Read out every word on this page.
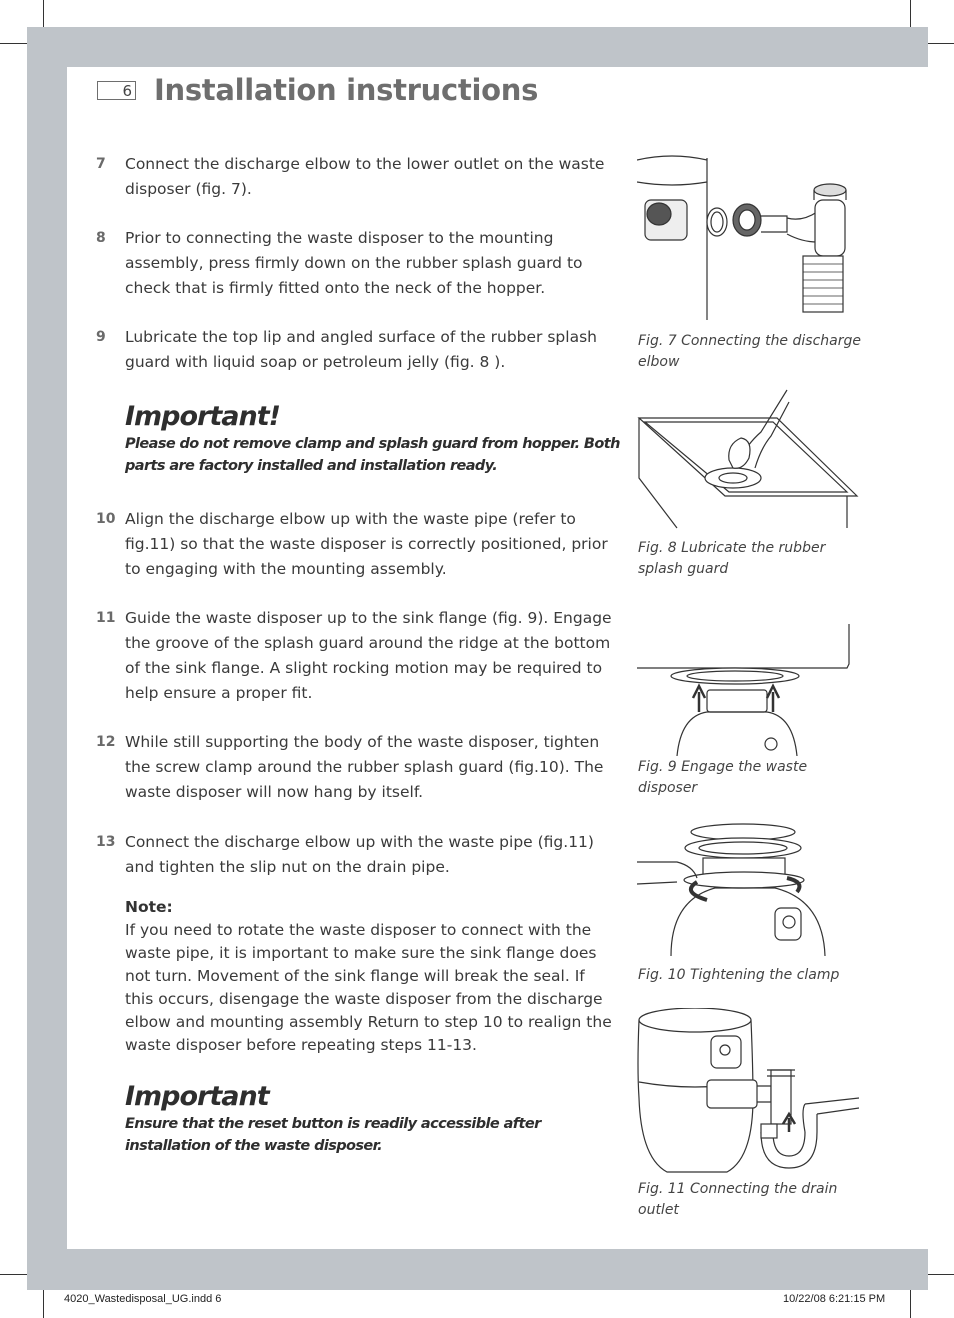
6 Installation instructions
7 Connect the discharge elbow to the lower outlet on the waste disposer (fig. 7).
8 Prior to connecting the waste disposer to the mounting assembly, press firmly down on the rubber splash guard to check that is firmly fitted onto the neck of the hopper.
9 Lubricate the top lip and angled surface of the rubber splash guard with liquid soap or petroleum jelly (fig. 8 ).
Important!
Please do not remove clamp and splash guard from hopper. Both parts are factory installed and installation ready.
10 Align the discharge elbow up with the waste pipe (refer to fig.11) so that the waste disposer is correctly positioned, prior to engaging with the mounting assembly.
11 Guide the waste disposer up to the sink flange (fig. 9). Engage the groove of the splash guard around the ridge at the bottom of the sink flange. A slight rocking motion may be required to help ensure a proper fit.
12 While still supporting the body of the waste disposer, tighten the screw clamp around the rubber splash guard (fig.10). The waste disposer will now hang by itself.
13 Connect the discharge elbow up with the waste pipe (fig.11) and tighten the slip nut on the drain pipe.
Note:
If you need to rotate the waste disposer to connect with the waste pipe, it is important to make sure the sink flange does not turn. Movement of the sink flange will break the seal. If this occurs, disengage the waste disposer from the discharge elbow and mounting assembly Return to step 10 to realign the waste disposer before repeating steps 11-13.
Important
Ensure that the reset button is readily accessible after installation of the waste disposer.
Fig. 7 Connecting the discharge elbow
Fig. 8 Lubricate the rubber splash guard
Fig. 9 Engage the waste disposer
Fig. 10 Tightening the clamp
Fig. 11 Connecting the drain outlet
4020_Wastedisposal_UG.indd 6	10/22/08 6:21:15 PM
